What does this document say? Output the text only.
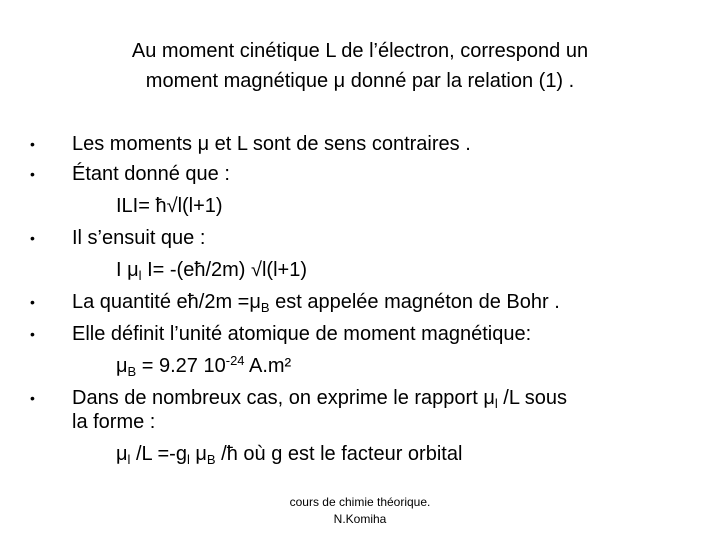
Au moment cinétique L de l’électron, correspond un
moment magnétique μ donné par la relation (1) .
• Les moments μ et L sont de sens contraires .
• Étant donné que :
ILI= ħ√l(l+1)
• Il s’ensuit que :
I $\mu_l$ I= -(eħ/2m) √l(l+1)
• La quantité eħ/2m $=\mu_B$ est appelée magnéton de Bohr .
• Elle définit l’unité atomique de moment magnétique:
$\mu_B = 9.27$ $10^{-24}$ A.m²
• Dans de nombreux cas, on exprime le rapport $\mu_l$ /L sous
la forme :
$\mu_l$ $/L =-g_l$ $\mu_B$ /ħ où g est le facteur orbital
cours de chimie théorique.
N.Komiha
